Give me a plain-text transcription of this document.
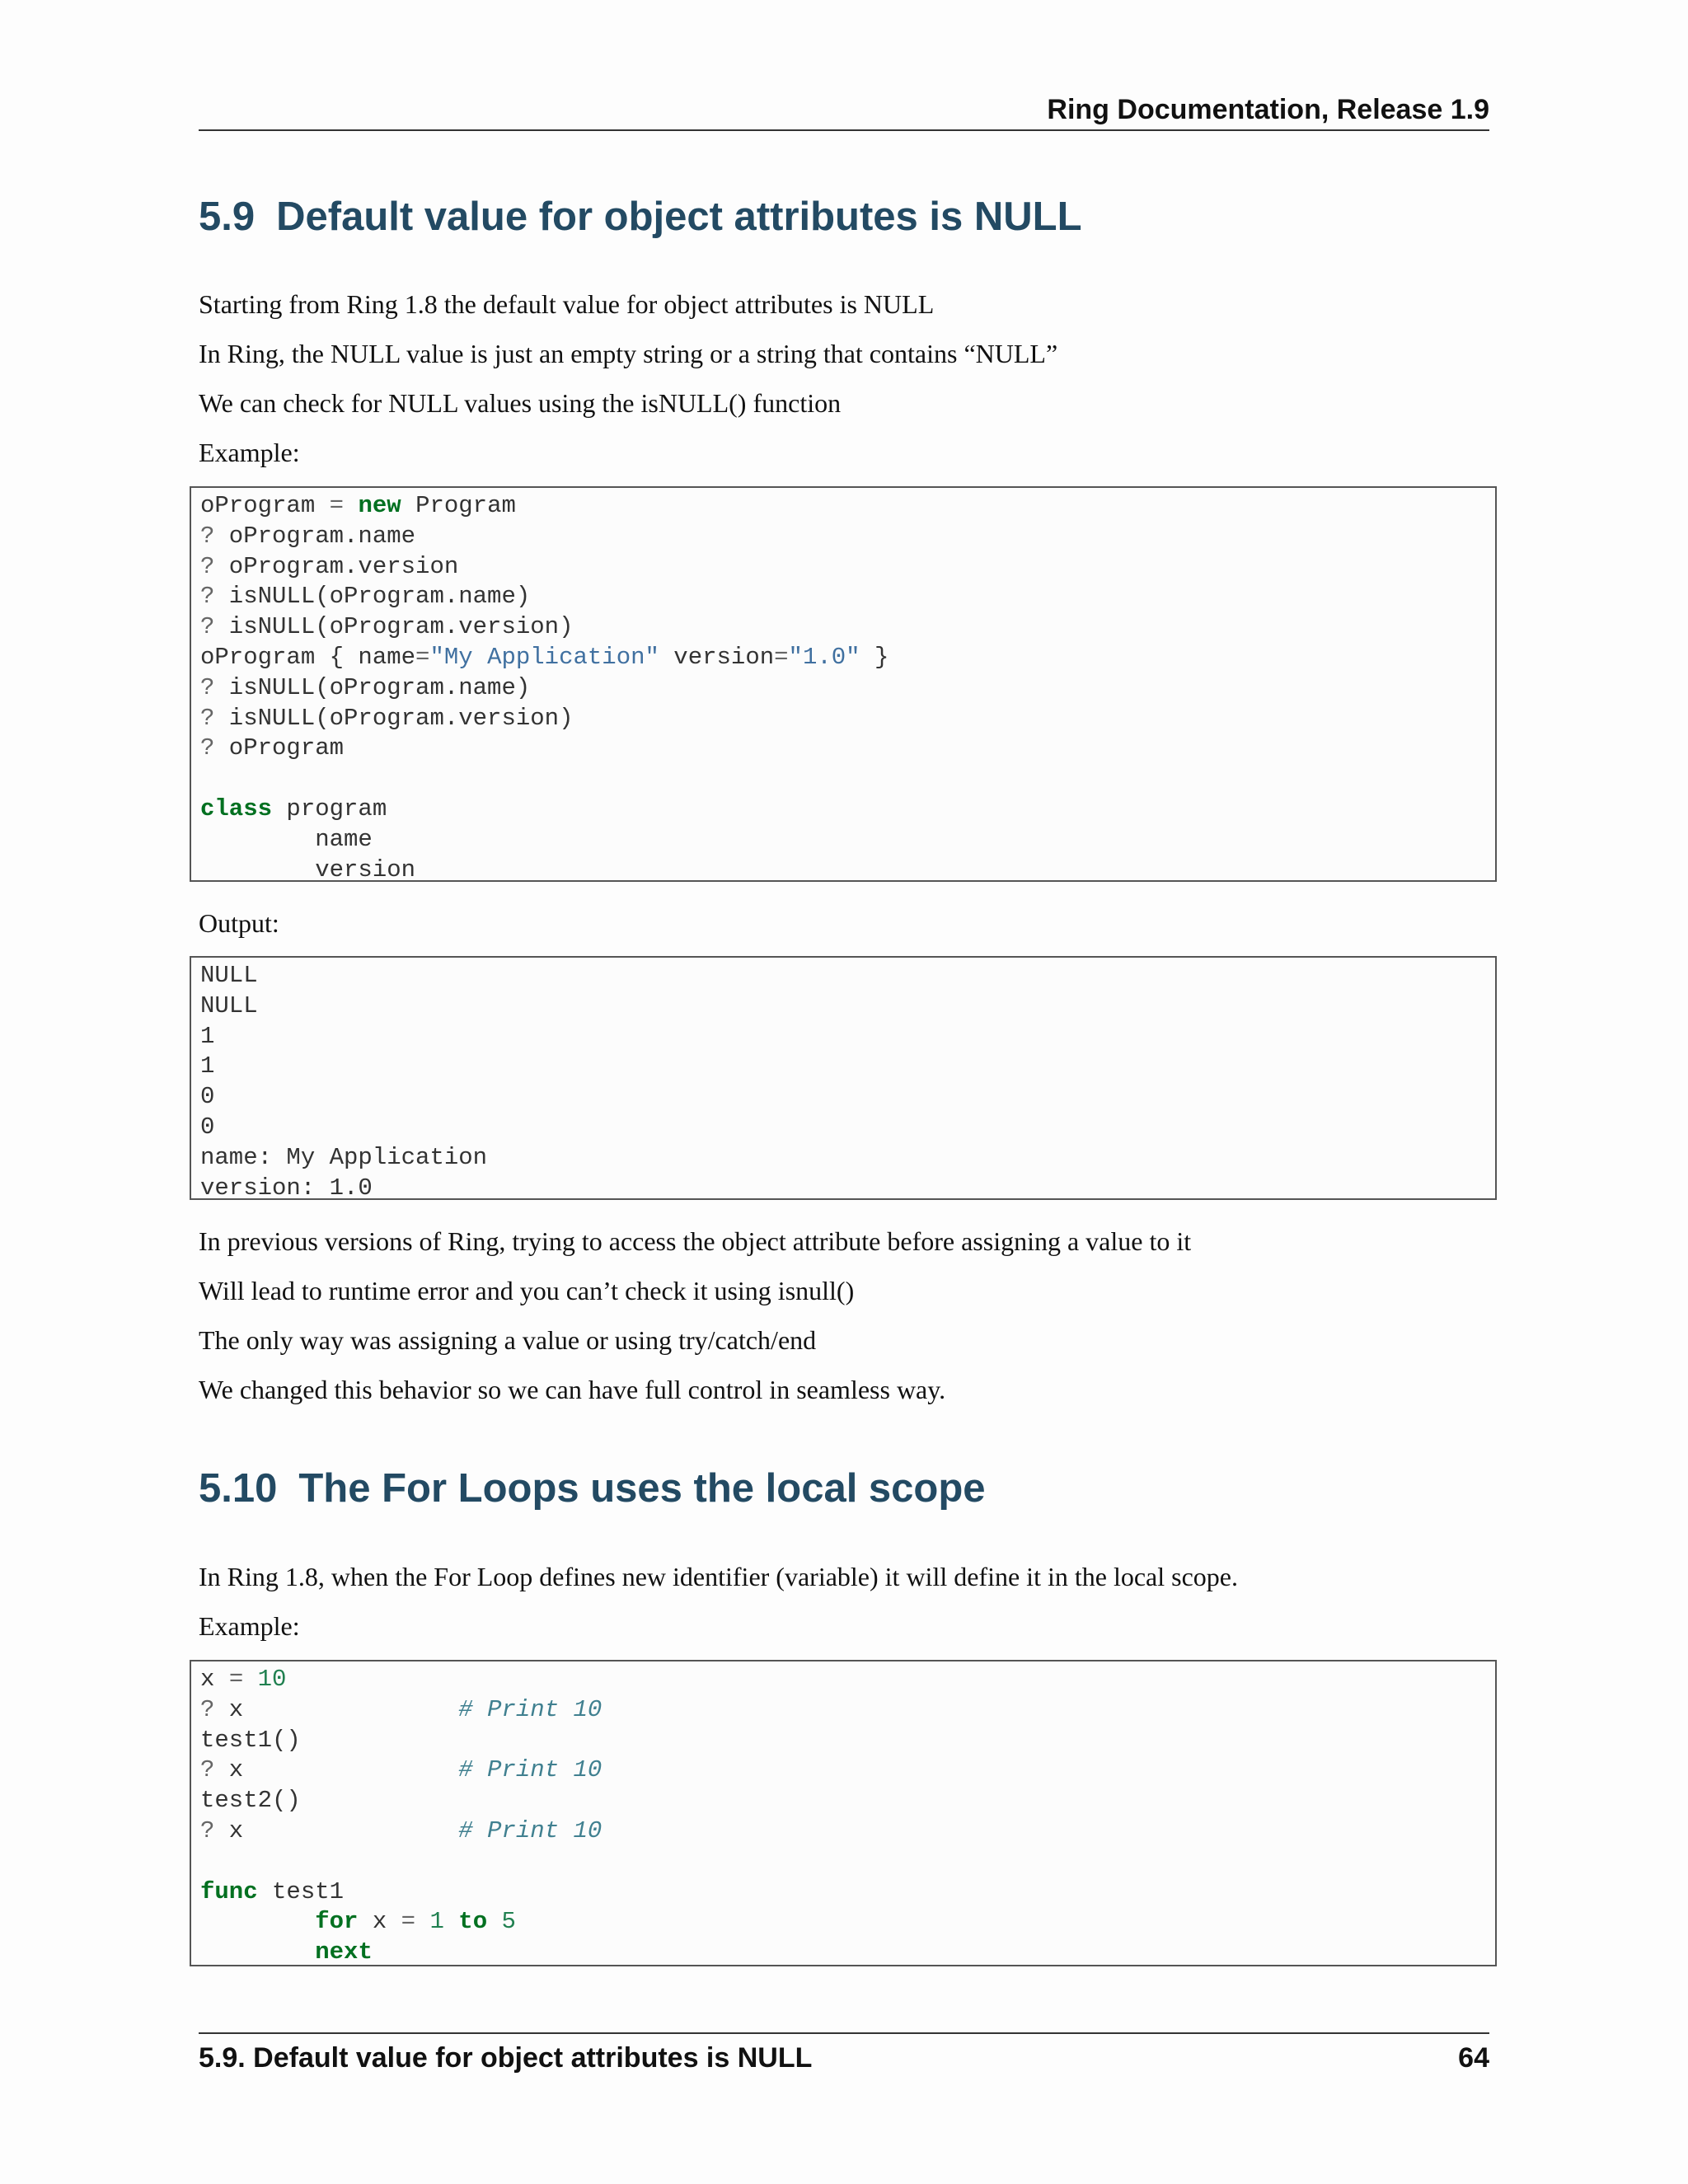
Ring Documentation, Release 1.9
5.9 Default value for object attributes is NULL

Starting from Ring 1.8 the default value for object attributes is NULL

In Ring, the NULL value is just an empty string or a string that contains “NULL”

We can check for NULL values using the isNULL() function

Example:

oProgram = new Program
? oProgram.name
? oProgram.version
? isNULL(oProgram.name)
? isNULL(oProgram.version)
oProgram { name="My Application" version="1.0" }
? isNULL(oProgram.name)
? isNULL(oProgram.version)
? oProgram
class program
name
version

Output:

NULL
NULL
1
1
0
0
name: My Application
version: 1.0

In previous versions of Ring, trying to access the object attribute before assigning a value to it

Will lead to runtime error and you can’t check it using isnull()

The only way was assigning a value or using try/catch/end

We changed this behavior so we can have full control in seamless way.

5.10 The For Loops uses the local scope

In Ring 1.8, when the For Loop defines new identifier (variable) it will define it in the local scope.

Example:

x = 10
? x               # Print 10
test1()
? x               # Print 10
test2()
? x               # Print 10
func test1
for x = 1 to 5
next
5.9. Default value for object attributes is NULL	64
